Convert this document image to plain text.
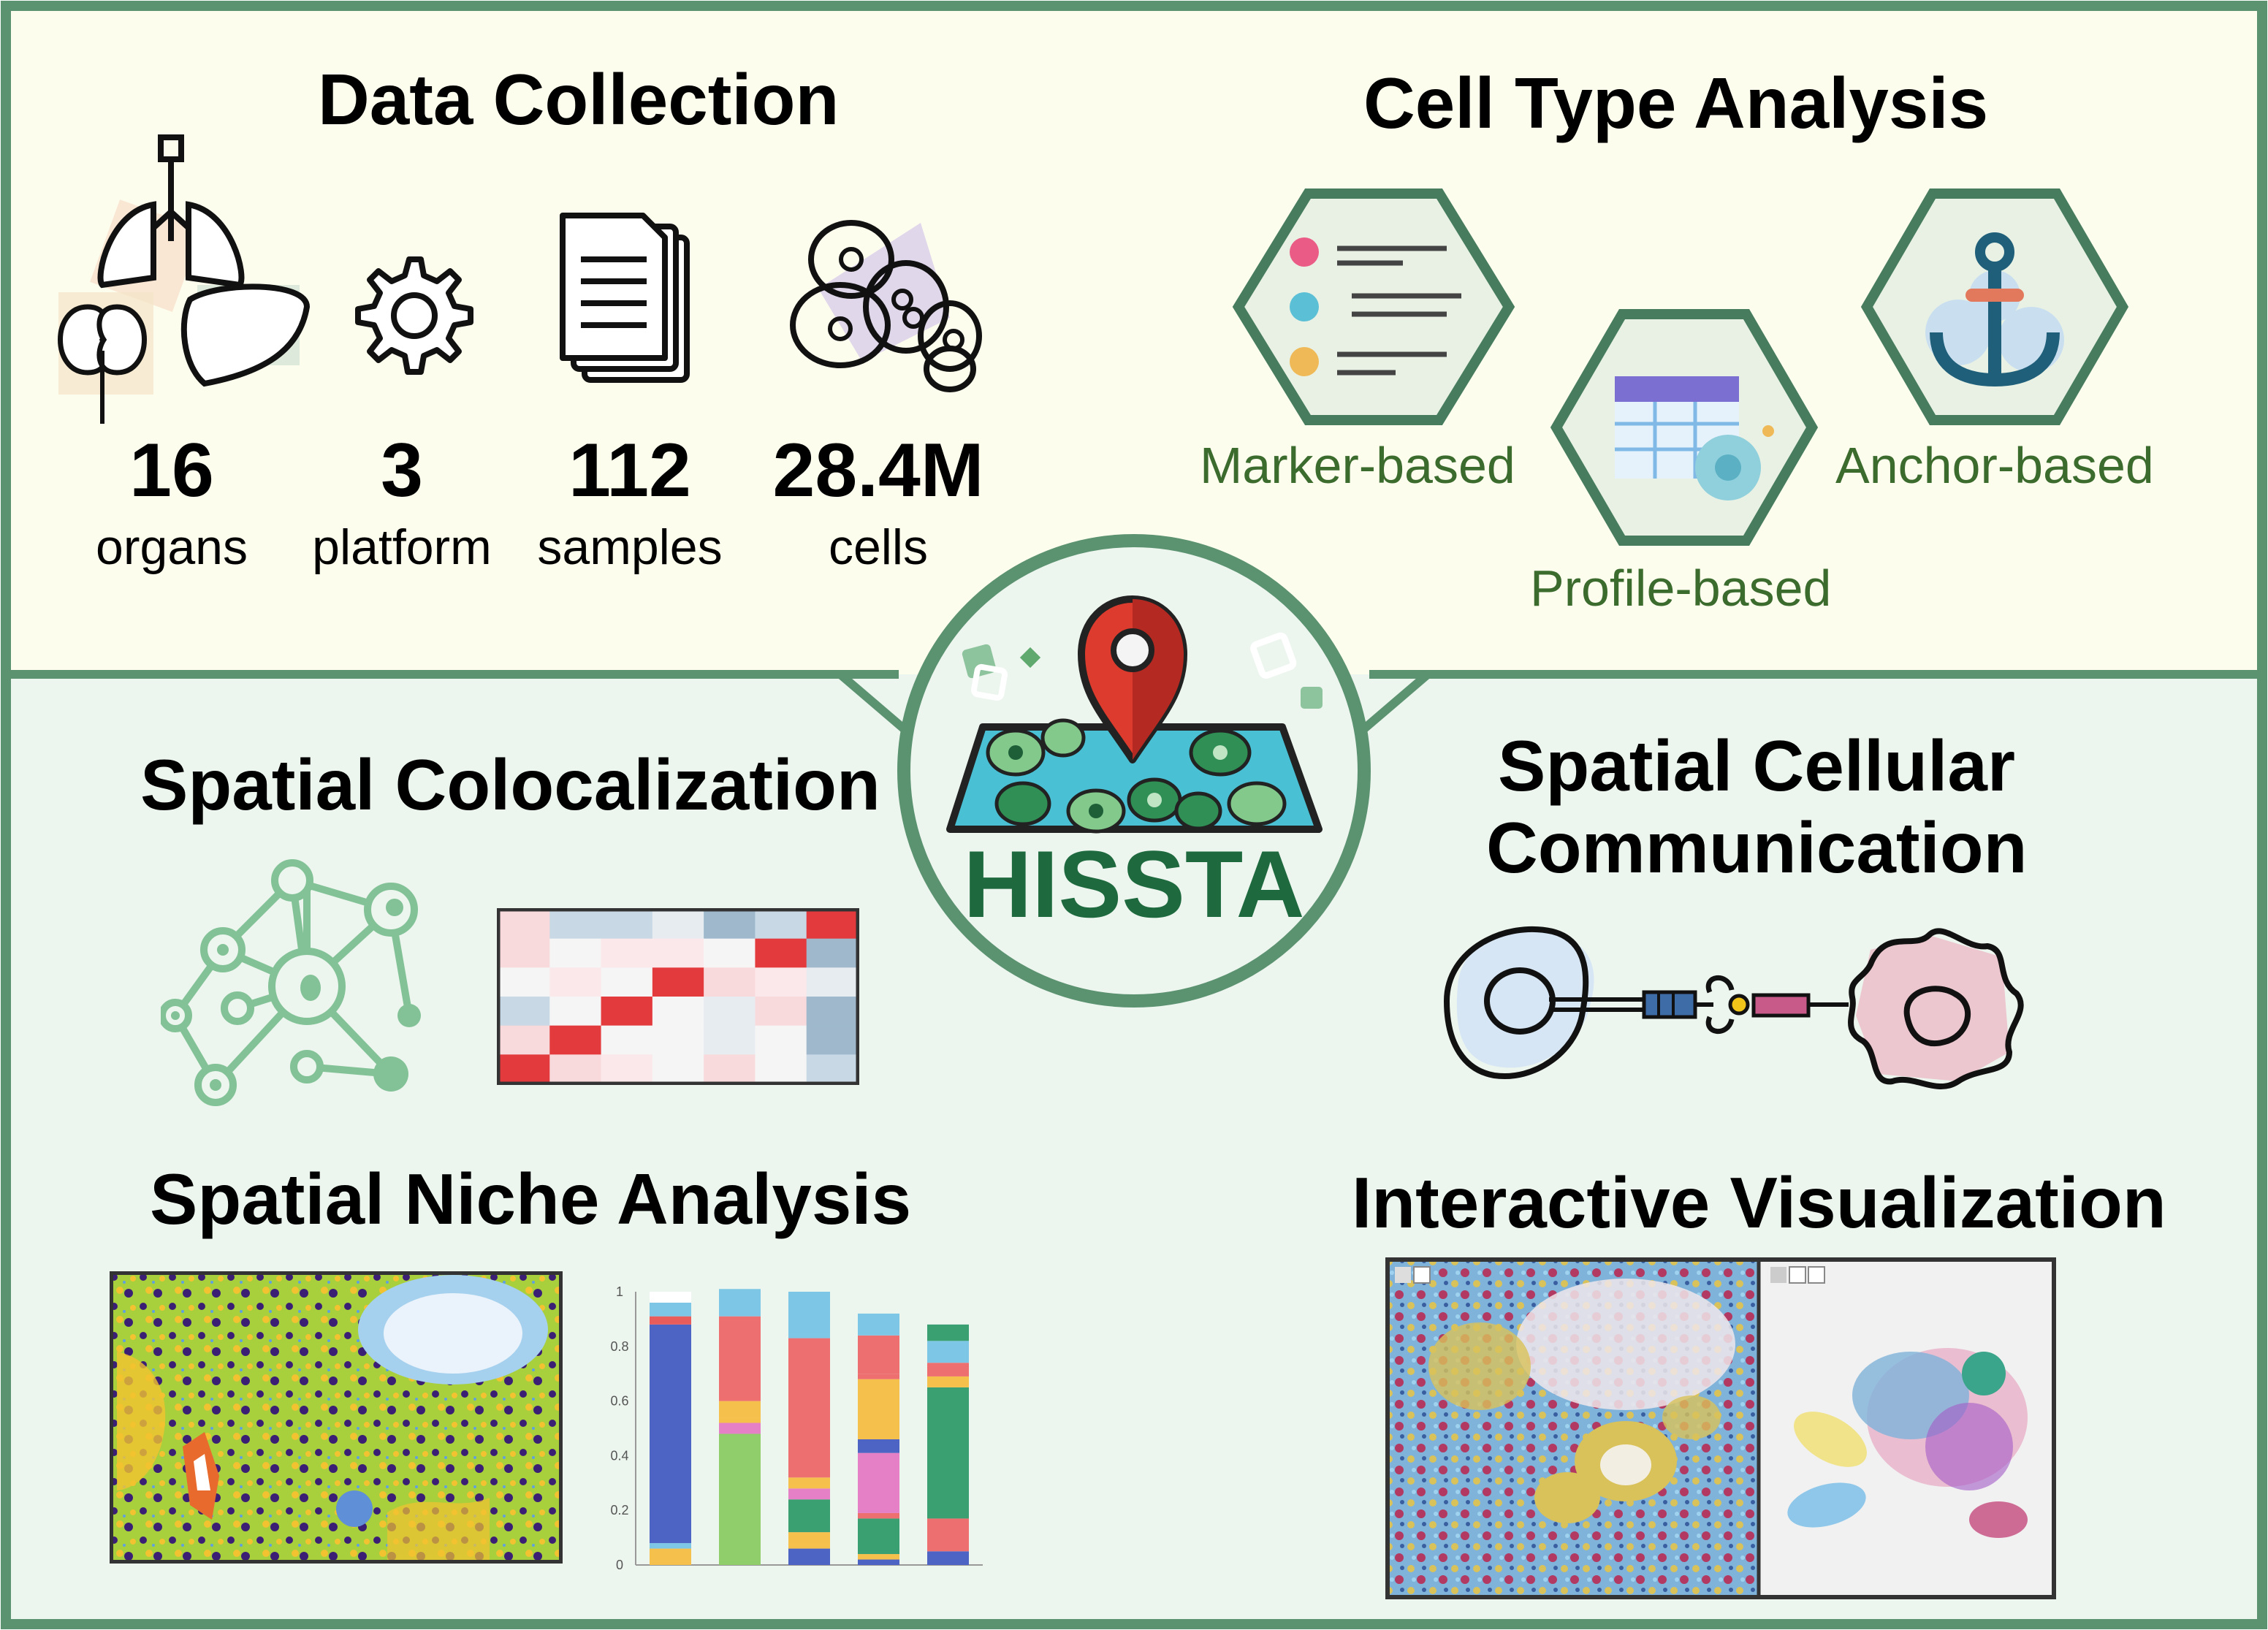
Data Collection
16 3 112 28.4M
organs platform samples cells
Cell Type Analysis
Marker-based
Profile-based
Anchor-based
HISSTA
Spatial Colocalization	Spatial Cellular
Communication
Spatial Niche Analysis
1
0.8
0.6
0.4
0.2
0
Interactive Visualization
